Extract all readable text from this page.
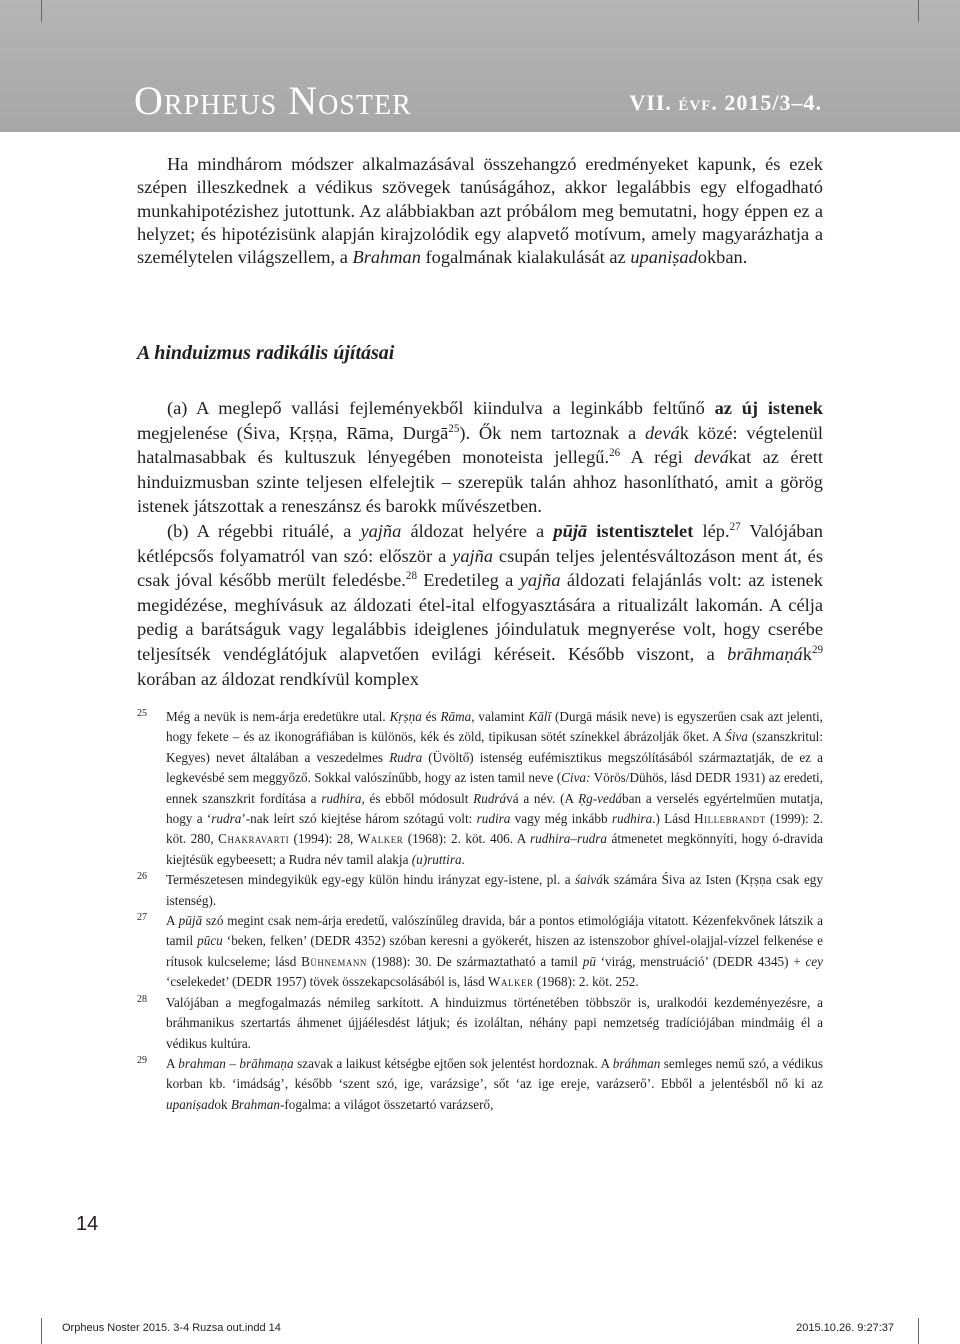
Orpheus Noster	VII. évf. 2015/3–4.

Ha mindhárom módszer alkalmazásával összehangzó eredményeket kapunk, és ezek szépen illeszkednek a védikus szövegek tanúságához, akkor legalábbis egy elfogadható munkahipotézishez jutottunk. Az alábbiakban azt próbálom meg bemutatni, hogy éppen ez a helyzet; és hipotézisünk alapján kirajzolódik egy alapvető motívum, amely magyarázhatja a személytelen világszellem, a Brahman fogalmának kialakulását az upaniṣadokban.

A hinduizmus radikális újításai

(a) A meglepő vallási fejleményekből kiindulva a leginkább feltűnő az új istenek megjelenése (Śiva, Kṛṣṇa, Rāma, Durgā$^{25}$). Ők nem tartoznak a devák közé: végtelenül hatalmasabbak és kultuszuk lényegében monoteista jellegű.$^{26}$ A régi devákat az érett hinduizmusban szinte teljesen elfelejtik – szerepük talán ahhoz hasonlítható, amit a görög istenek játszottak a reneszánsz és barokk művészetben.

(b) A régebbi rituálé, a yajña áldozat helyére a pūjā istentisztelet lép.$^{27}$ Valójában kétlépcsős folyamatról van szó: először a yajña csupán teljes jelentésváltozáson ment át, és csak jóval később merült feledésbe.$^{28}$ Eredetileg a yajña áldozati felajánlás volt: az istenek megidézése, meghívásuk az áldozati étel-ital elfogyasztására a ritualizált lakomán. A célja pedig a barátságuk vagy legalábbis ideiglenes jóindulatuk megnyerése volt, hogy cserébe teljesítsék vendéglátójuk alapvetően evilági kéréseit. Később viszont, a brāhmaṇák$^{29}$ korában az áldozat rendkívül komplex

25 Még a nevük is nem-árja eredetükre utal. Kṛṣṇa és Rāma, valamint Kālī (Durgā másik neve) is egyszerűen csak azt jelenti, hogy fekete – és az ikonográfiában is különös, kék és zöld, tipikusan sötét színekkel ábrázolják őket. A Śiva (szanszkritul: Kegyes) nevet általában a veszedelmes Rudra (Üvöltő) istenség eufémisztikus megszólításából származtatják, de ez a legkevésbé sem meggyőző. Sokkal valószínűbb, hogy az isten tamil neve (Civa: Vörös/Dühös, lásd DEDR 1931) az eredeti, ennek szanszkrit fordítása a rudhira, és ebből módosult Rudrává a név. (A Ṛg-vedában a verselés egyértelműen mutatja, hogy a ‘rudra’-nak leírt szó kiejtése három szótagú volt: rudira vagy még inkább rudhira.) Lásd Hillebrandt (1999): 2. köt. 280, Chakravarti (1994): 28, Walker (1968): 2. köt. 406. A rudhira–rudra átmenetet megkönnyíti, hogy ó-dravida kiejtésük egybeesett; a Rudra név tamil alakja (u)ruttira.

26 Természetesen mindegyikük egy-egy külön hindu irányzat egy-istene, pl. a śaivák számára Śiva az Isten (Kṛṣṇa csak egy istenség).

27 A pūjā szó megint csak nem-árja eredetű, valószínűleg dravida, bár a pontos etimológiája vitatott. Kézenfekvőnek látszik a tamil pūcu ‘beken, felken’ (DEDR 4352) szóban keresni a gyökerét, hiszen az istenszobor ghível-olajjal-vízzel felkenése e rítusok kulcseleme; lásd Bühnemann (1988): 30. De származtatható a tamil pū ‘virág, menstruáció’ (DEDR 4345) + cey ‘cselekedet’ (DEDR 1957) tövek összekapcsolásából is, lásd Walker (1968): 2. köt. 252.

28 Valójában a megfogalmazás némileg sarkított. A hinduizmus történetében többször is, uralkodói kezdeményezésre, a bráhmanikus szertartás áhmenet újjáélesdést látjuk; és izoláltan, néhány papi nemzetség tradíciójában mindmáig él a védikus kultúra.

29 A brahman – brāhmaṇa szavak a laikust kétségbe ejtően sok jelentést hordoznak. A bráhman semleges nemű szó, a védikus korban kb. ‘imádság’, később ‘szent szó, ige, varázsige’, sőt ‘az ige ereje, varázserő’. Ebből a jelentésből nő ki az upaniṣadok Brahman-fogalma: a világot összetartó varázserő,

14
Orpheus Noster 2015. 3-4 Ruzsa out.indd 14	2015.10.26. 9:27:37
